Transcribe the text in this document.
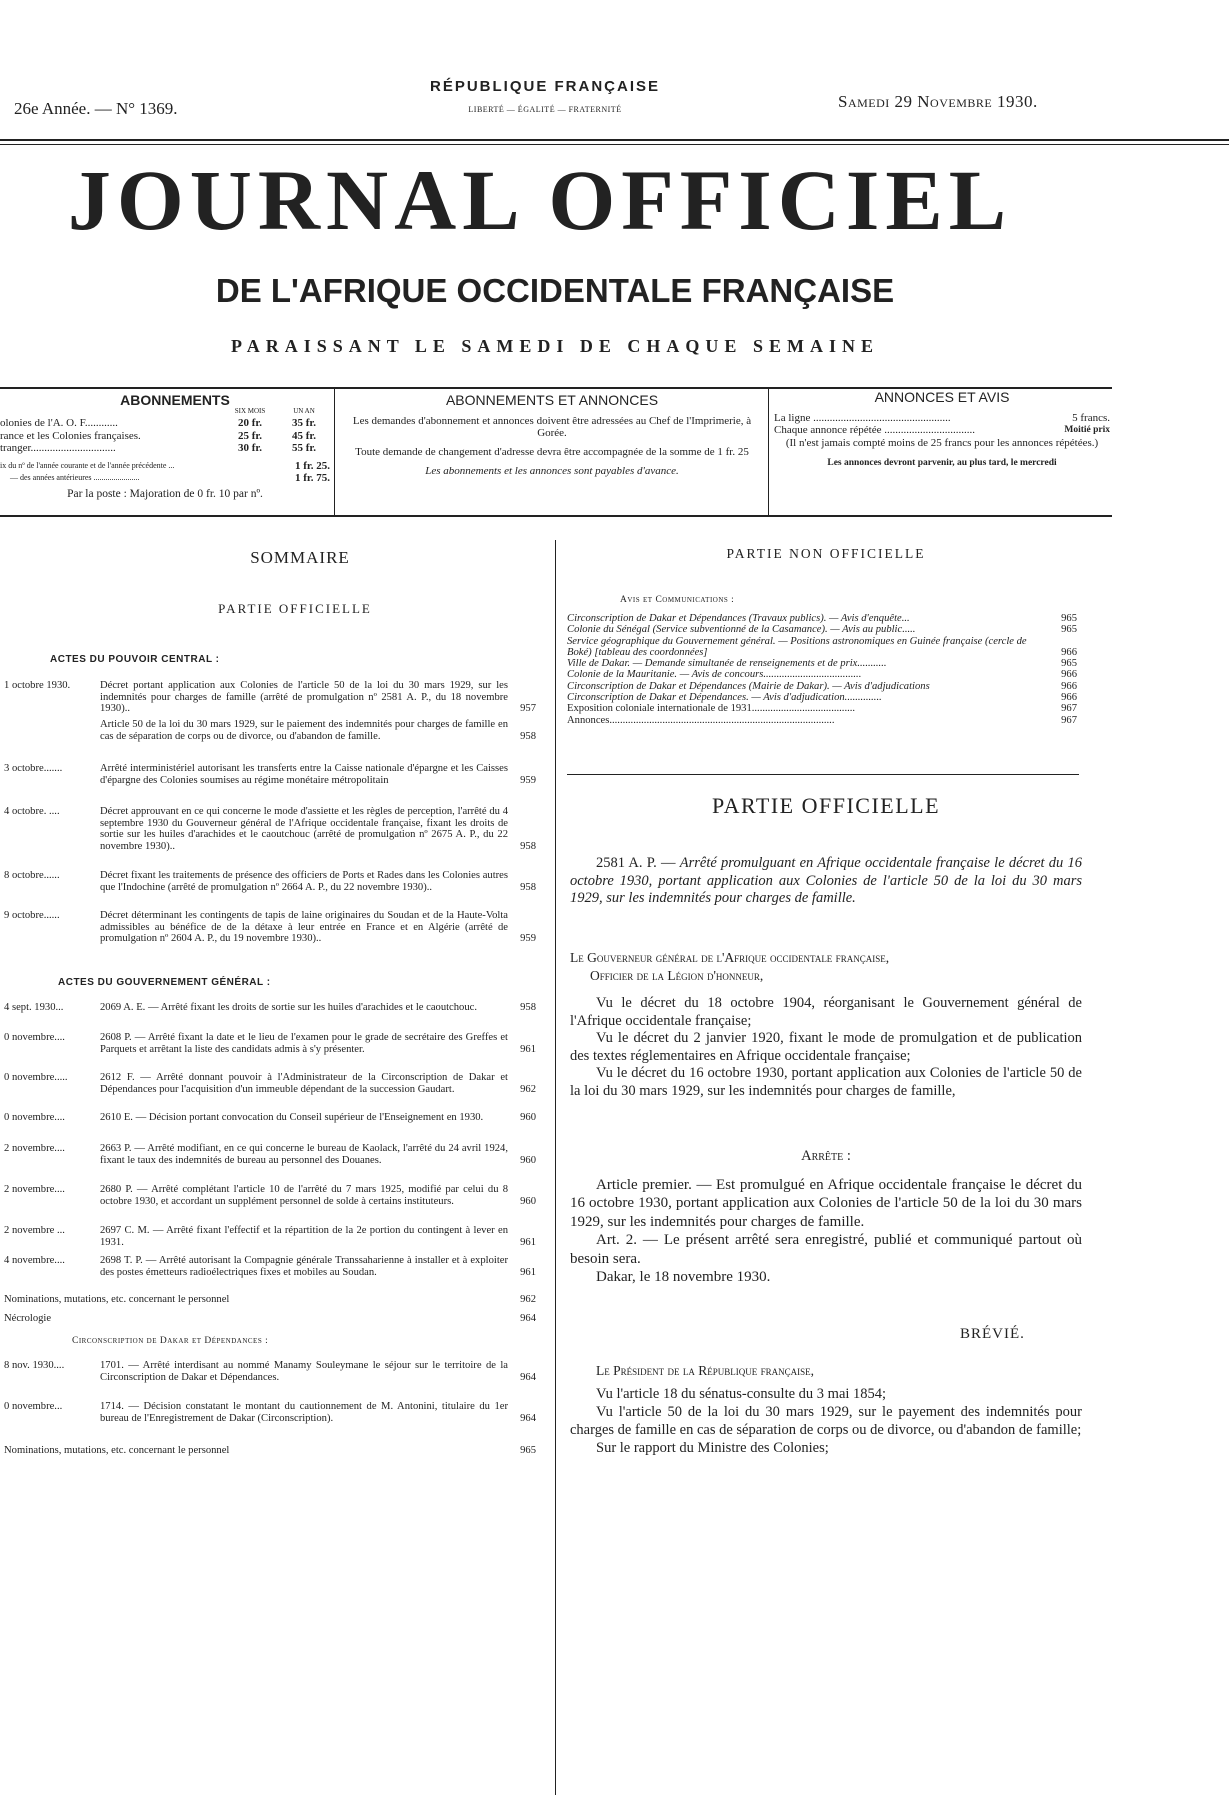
26e Année. — N° 1369.
RÉPUBLIQUE FRANÇAISE
LIBERTÉ — ÉGALITÉ — FRATERNITÉ	Samedi 29 Novembre 1930.
JOURNAL OFFICIEL
DE L'AFRIQUE OCCIDENTALE FRANÇAISE
PARAISSANT LE SAMEDI DE CHAQUE SEMAINE
ABONNEMENTS
SIX MOIS	UN AN
olonies de l'A. O. F............	20 fr.	35 fr.
rance et les Colonies françaises.	25 fr.	45 fr.
tranger...............................	30 fr.	55 fr.
ix du nº de l'année courante et de l'année précédente ...	1 fr. 25.
— des années antérieures .......................	1 fr. 75.
Par la poste : Majoration de 0 fr. 10 par nº.
ABONNEMENTS ET ANNONCES
Les demandes d'abonnement et annonces doivent être adressées au Chef de l'Imprimerie, à Gorée.
Toute demande de changement d'adresse devra être accompagnée de la somme de 1 fr. 25
Les abonnements et les annonces sont payables d'avance.
ANNONCES ET AVIS
La ligne ..................................................	5 francs.
Chaque annonce répétée .................................	Moitié prix
(Il n'est jamais compté moins de 25 francs pour les annonces répétées.)
Les annonces devront parvenir, au plus tard, le mercredi
SOMMAIRE
PARTIE OFFICIELLE
ACTES DU POUVOIR CENTRAL :
1 octobre 1930.	Décret portant application aux Colonies de l'article 50 de la loi du 30 mars 1929, sur les indemnités pour charges de famille (arrêté de promulgation nº 2581 A. P., du 18 novembre 1930)..	957
Article 50 de la loi du 30 mars 1929, sur le paiement des indemnités pour charges de famille en cas de séparation de corps ou de divorce, ou d'abandon de famille.	958
3 octobre.......	Arrêté interministériel autorisant les transferts entre la Caisse nationale d'épargne et les Caisses d'épargne des Colonies soumises au régime monétaire métropolitain	959
4 octobre. ....	Décret approuvant en ce qui concerne le mode d'assiette et les règles de perception, l'arrêté du 4 septembre 1930 du Gouverneur général de l'Afrique occidentale française, fixant les droits de sortie sur les huiles d'arachides et le caoutchouc (arrêté de promulgation nº 2675 A. P., du 22 novembre 1930)..	958
8 octobre......	Décret fixant les traitements de présence des officiers de Ports et Rades dans les Colonies autres que l'Indochine (arrêté de promulgation nº 2664 A. P., du 22 novembre 1930)..	958
9 octobre......	Décret déterminant les contingents de tapis de laine originaires du Soudan et de la Haute-Volta admissibles au bénéfice de de la détaxe à leur entrée en France et en Algérie (arrêté de promulgation nº 2604 A. P., du 19 novembre 1930)..	959
ACTES DU GOUVERNEMENT GÉNÉRAL :
4 sept. 1930...	2069 A. E. — Arrêté fixant les droits de sortie sur les huiles d'arachides et le caoutchouc.	958
0 novembre....	2608 P. — Arrêté fixant la date et le lieu de l'examen pour le grade de secrétaire des Greffes et Parquets et arrêtant la liste des candidats admis à s'y présenter.	961
0 novembre.....	2612 F. — Arrêté donnant pouvoir à l'Administrateur de la Circonscription de Dakar et Dépendances pour l'acquisition d'un immeuble dépendant de la succession Gaudart.	962
0 novembre....	2610 E. — Décision portant convocation du Conseil supérieur de l'Enseignement en 1930.	960
2 novembre....	2663 P. — Arrêté modifiant, en ce qui concerne le bureau de Kaolack, l'arrêté du 24 avril 1924, fixant le taux des indemnités de bureau au personnel des Douanes.	960
2 novembre....	2680 P. — Arrêté complétant l'article 10 de l'arrêté du 7 mars 1925, modifié par celui du 8 octobre 1930, et accordant un supplément personnel de solde à certains instituteurs.	960
2 novembre ...	2697 C. M. — Arrêté fixant l'effectif et la répartition de la 2e portion du contingent à lever en 1931.	961
4 novembre....	2698 T. P. — Arrêté autorisant la Compagnie générale Transsaharienne à installer et à exploiter des postes émetteurs radioélectriques fixes et mobiles au Soudan.	961
Nominations, mutations, etc. concernant le personnel	962
Nécrologie	964
Circonscription de Dakar et Dépendances :
8 nov. 1930....	1701. — Arrêté interdisant au nommé Manamy Souleymane le séjour sur le territoire de la Circonscription de Dakar et Dépendances.	964
0 novembre...	1714. — Décision constatant le montant du cautionnement de M. Antonini, titulaire du 1er bureau de l'Enregistrement de Dakar (Circonscription).	964
Nominations, mutations, etc. concernant le personnel	965
PARTIE NON OFFICIELLE
Avis et Communications :
Circonscription de Dakar et Dépendances (Travaux publics). — Avis d'enquête...	965
Colonie du Sénégal (Service subventionné de la Casamance). — Avis au public.....	965
Service géographique du Gouvernement général. — Positions astronomiques en Guinée française (cercle de Boké) [tableau des coordonnées]	966
Ville de Dakar. — Demande simultanée de renseignements et de prix...........	965
Colonie de la Mauritanie. — Avis de concours.....................................	966
Circonscription de Dakar et Dépendances (Mairie de Dakar). — Avis d'adjudications	966
Circonscription de Dakar et Dépendances. — Avis d'adjudication..............	966
Exposition coloniale internationale de 1931.......................................	967
Annonces.....................................................................................	967
PARTIE OFFICIELLE

2581 A. P. — Arrêté promulguant en Afrique occidentale française le décret du 16 octobre 1930, portant application aux Colonies de l'article 50 de la loi du 30 mars 1929, sur les indemnités pour charges de famille.

Le Gouverneur général de l'Afrique occidentale française,
Officier de la Légion d'honneur,

Vu le décret du 18 octobre 1904, réorganisant le Gouvernement général de l'Afrique occidentale française;

Vu le décret du 2 janvier 1920, fixant le mode de promulgation et de publication des textes réglementaires en Afrique occidentale française;

Vu le décret du 16 octobre 1930, portant application aux Colonies de l'article 50 de la loi du 30 mars 1929, sur les indemnités pour charges de famille,

Arrête :

Article premier. — Est promulgué en Afrique occidentale française le décret du 16 octobre 1930, portant application aux Colonies de l'article 50 de la loi du 30 mars 1929, sur les indemnités pour charges de famille.

Art. 2. — Le présent arrêté sera enregistré, publié et communiqué partout où besoin sera.

Dakar, le 18 novembre 1930.

BRÉVIÉ.
Le Président de la République française,

Vu l'article 18 du sénatus-consulte du 3 mai 1854;

Vu l'article 50 de la loi du 30 mars 1929, sur le payement des indemnités pour charges de famille en cas de séparation de corps ou de divorce, ou d'abandon de famille;

Sur le rapport du Ministre des Colonies;
